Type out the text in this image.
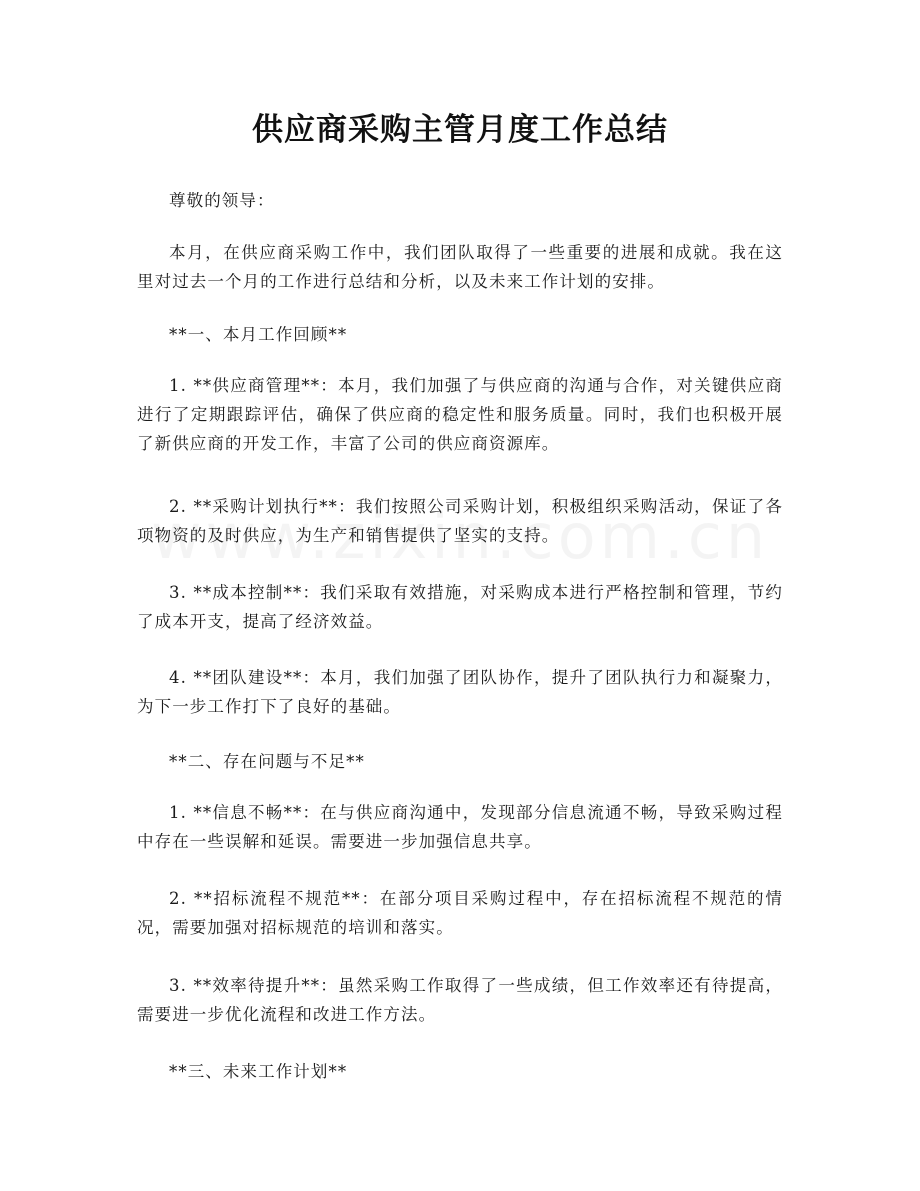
供应商采购主管月度工作总结

尊敬的领导：

本月，在供应商采购工作中，我们团队取得了一些重要的进展和成就。我在这里对过去一个月的工作进行总结和分析，以及未来工作计划的安排。

**一、本月工作回顾**

1. **供应商管理**：本月，我们加强了与供应商的沟通与合作，对关键供应商进行了定期跟踪评估，确保了供应商的稳定性和服务质量。同时，我们也积极开展了新供应商的开发工作，丰富了公司的供应商资源库。

2. **采购计划执行**：我们按照公司采购计划，积极组织采购活动，保证了各项物资的及时供应，为生产和销售提供了坚实的支持。

3. **成本控制**：我们采取有效措施，对采购成本进行严格控制和管理，节约了成本开支，提高了经济效益。

4. **团队建设**：本月，我们加强了团队协作，提升了团队执行力和凝聚力，为下一步工作打下了良好的基础。

**二、存在问题与不足**

1. **信息不畅**：在与供应商沟通中，发现部分信息流通不畅，导致采购过程中存在一些误解和延误。需要进一步加强信息共享。

2. **招标流程不规范**：在部分项目采购过程中，存在招标流程不规范的情况，需要加强对招标规范的培训和落实。

3. **效率待提升**：虽然采购工作取得了一些成绩，但工作效率还有待提高，需要进一步优化流程和改进工作方法。

**三、未来工作计划**
